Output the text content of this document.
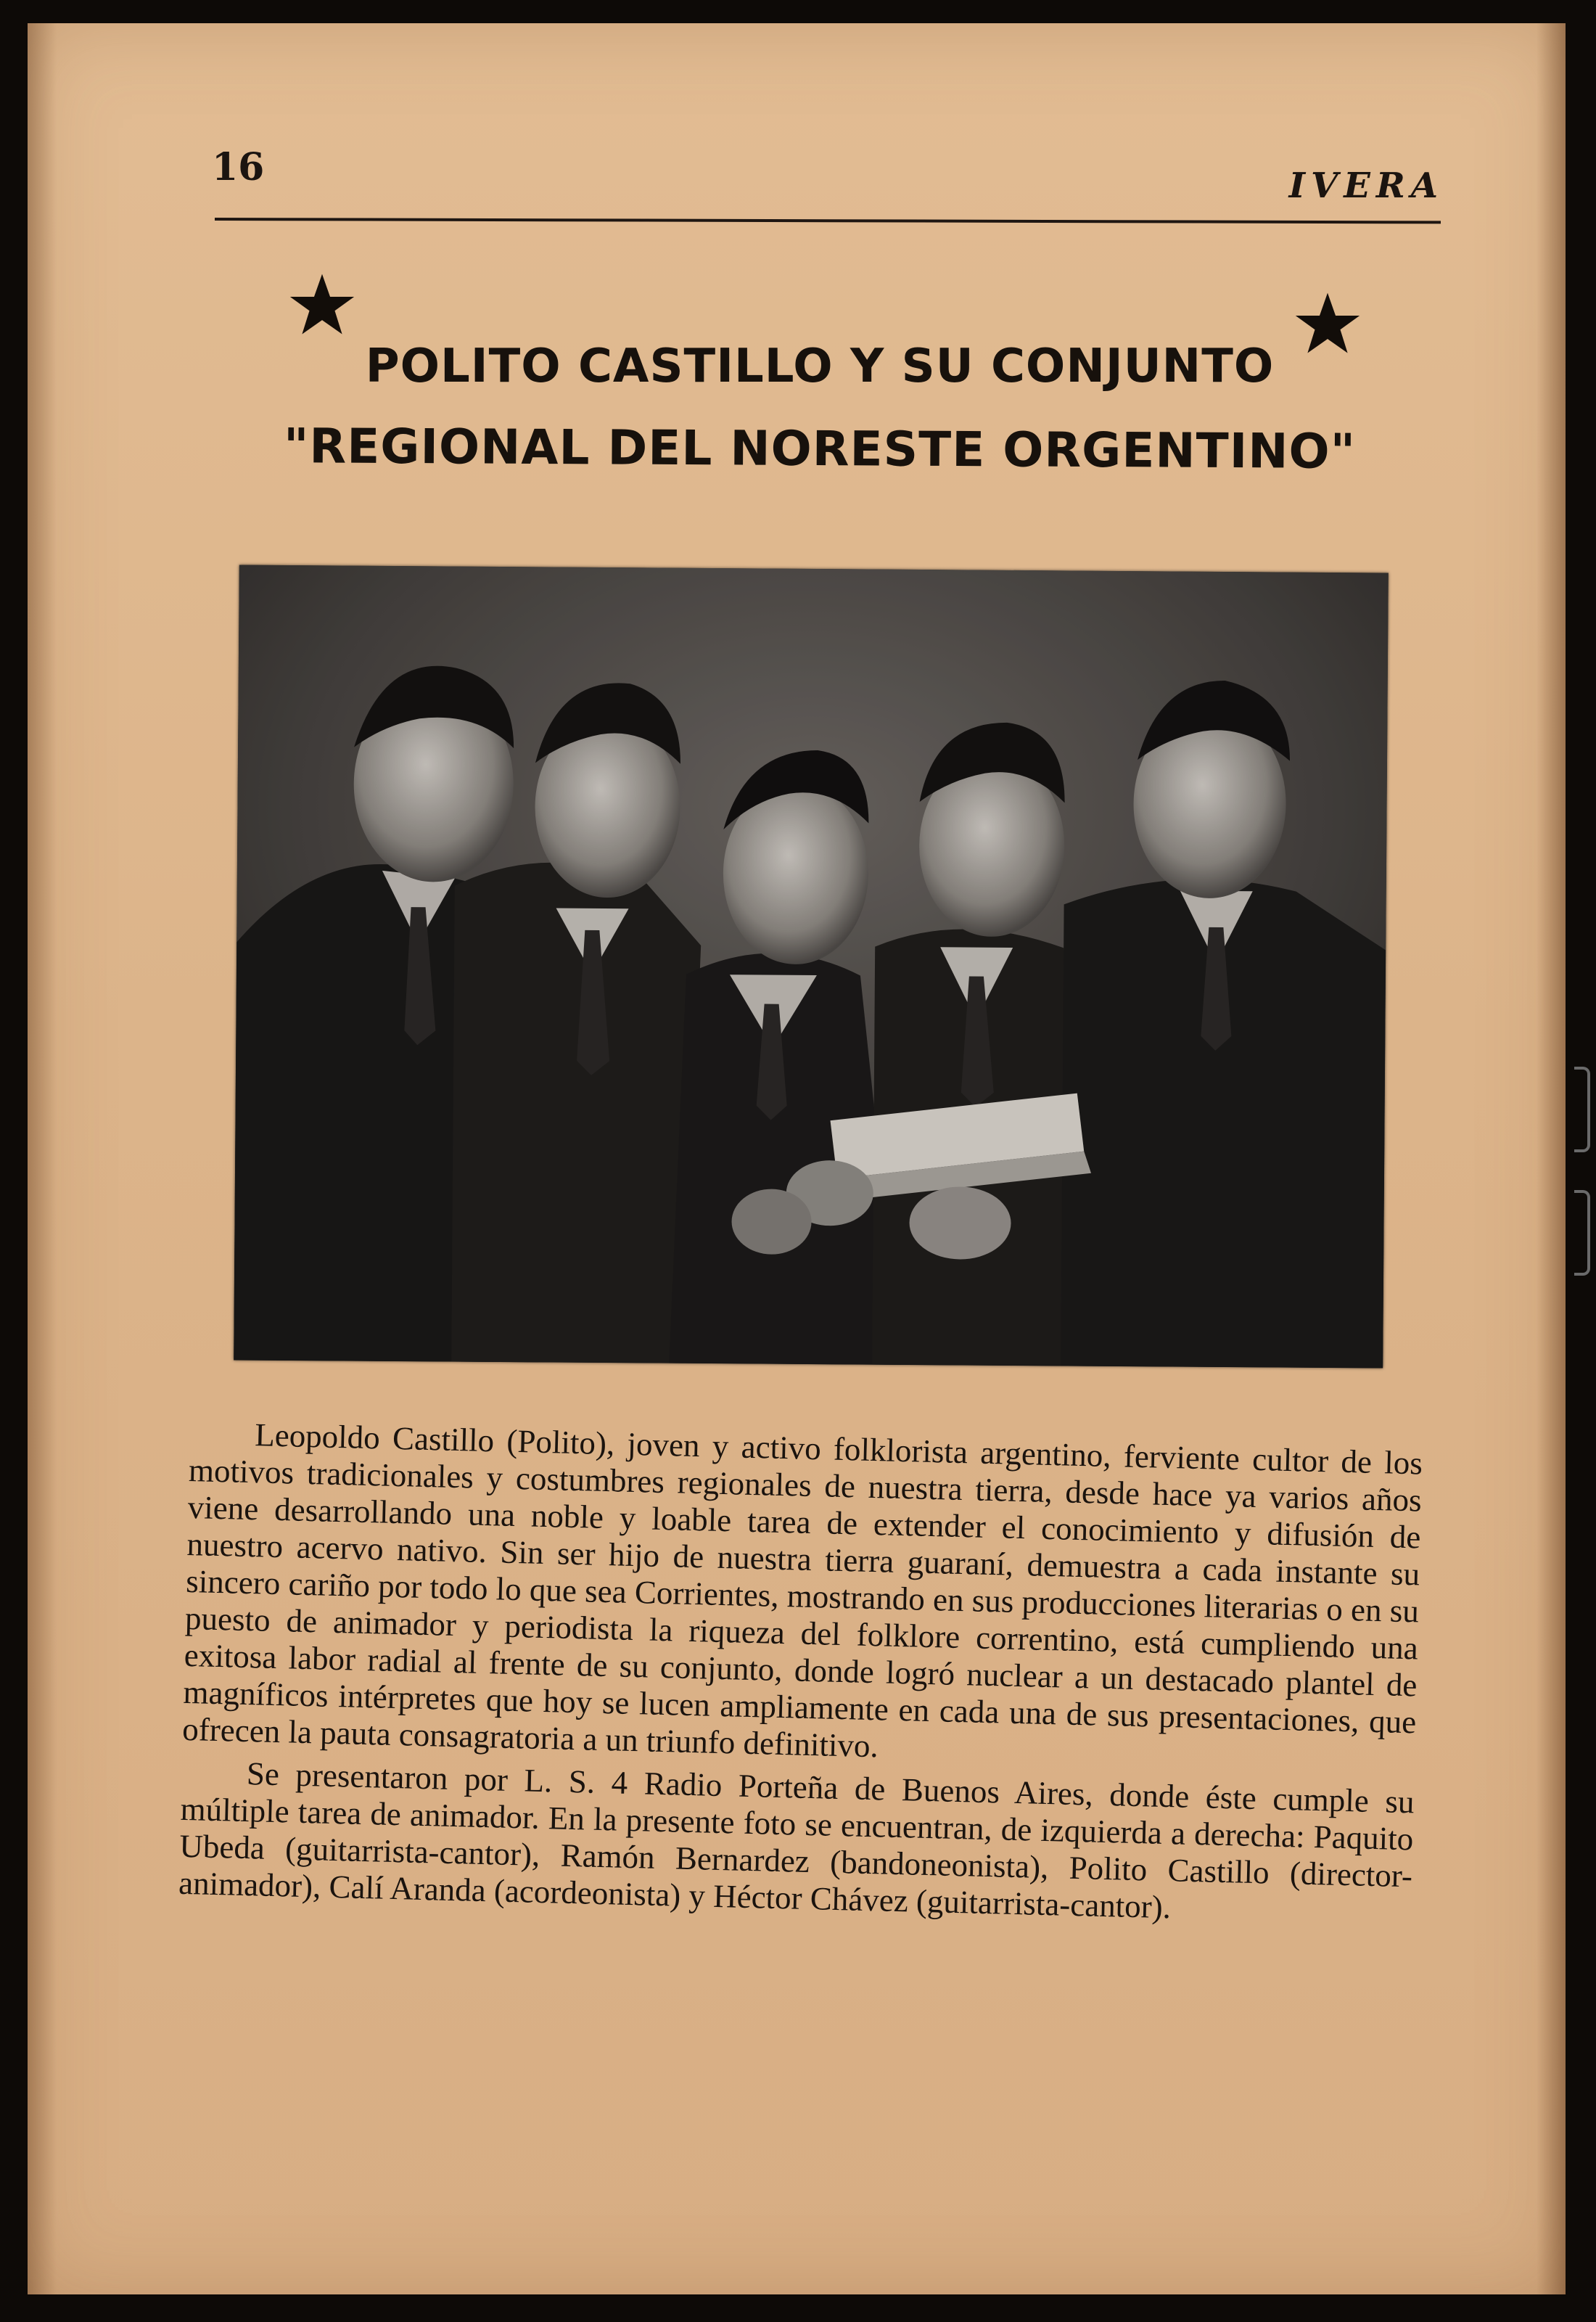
16	IVERA
POLITO CASTILLO Y SU CONJUNTO
"REGIONAL DEL NORESTE ORGENTINO"

Leopoldo Castillo (Polito), joven y activo folklorista argentino, ferviente cultor de los motivos tradicionales y costumbres regionales de nuestra tierra, desde hace ya varios años viene desarrollando una noble y loable tarea de extender el conocimiento y difusión de nuestro acervo nativo. Sin ser hijo de nuestra tierra guaraní, demuestra a cada instante su sincero cariño por todo lo que sea Corrientes, mostrando en sus producciones literarias o en su puesto de animador y periodista la riqueza del folklore correntino, está cumpliendo una exitosa labor radial al frente de su conjunto, donde logró nuclear a un destacado plantel de magníficos intérpretes que hoy se lucen ampliamente en cada una de sus presentaciones, que ofrecen la pauta consagratoria a un triunfo definitivo.

Se presentaron por L. S. 4 Radio Porteña de Buenos Aires, donde éste cumple su múltiple tarea de animador. En la presente foto se encuentran, de izquierda a derecha: Paquito Ubeda (guitarrista-cantor), Ramón Bernardez (bandoneonista), Polito Castillo (director-animador), Calí Aranda (acordeonista) y Héctor Chávez (guitarrista-cantor).
